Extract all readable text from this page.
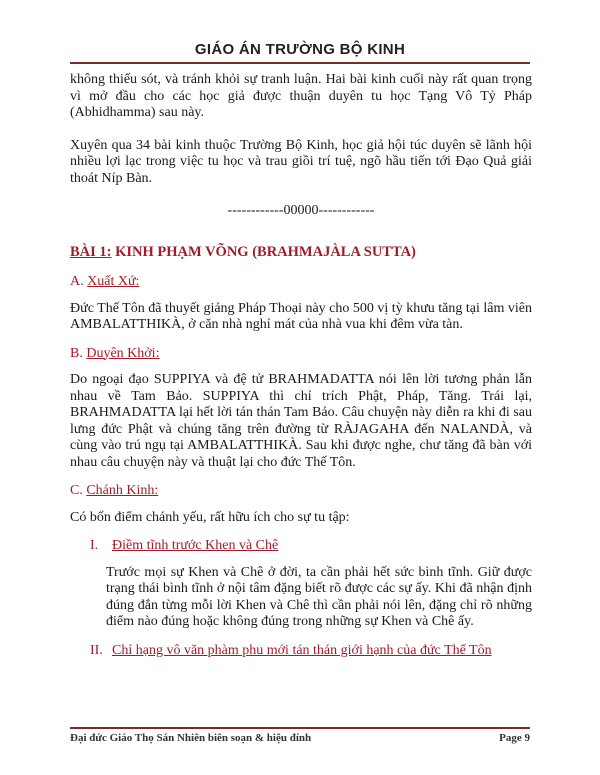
GIÁO ÁN TRƯỜNG BỘ KINH

không thiếu sót, và tránh khỏi sự tranh luận. Hai bài kinh cuối này rất quan trọng vì mở đầu cho các học giả được thuận duyên tu học Tạng Vô Tỷ Pháp (Abhidhamma) sau này.

Xuyên qua 34 bài kinh thuộc Trường Bộ Kinh, học giả hội túc duyên sẽ lãnh hội nhiều lợi lạc trong việc tu học và trau giồi trí tuệ, ngõ hầu tiến tới Đạo Quả giải thoát Níp Bàn.

------------00000------------
BÀI 1: KINH PHẠM VÕNG (BRAHMAJÀLA SUTTA)
A. Xuất Xứ:

Đức Thế Tôn đã thuyết giảng Pháp Thoại này cho 500 vị tỳ khưu tăng tại lâm viên AMBALATTHIKÀ, ở căn nhà nghỉ mát của nhà vua khi đêm vừa tàn.

B. Duyên Khởi:

Do ngoại đạo SUPPIYA và đệ tử BRAHMADATTA nói lên lời tương phản lẫn nhau về Tam Bảo. SUPPIYA thì chỉ trích Phật, Pháp, Tăng. Trái lại, BRAHMADATTA lại hết lời tán thán Tam Bảo. Câu chuyện này diễn ra khi đi sau lưng đức Phật và chúng tăng trên đường từ RÀJAGAHA đến NALANDÀ, và cùng vào trú ngụ tại AMBALATTHIKÀ. Sau khi được nghe, chư tăng đã bàn với nhau câu chuyện này và thuật lại cho đức Thế Tôn.

C. Chánh Kinh:

Có bốn điểm chánh yếu, rất hữu ích cho sự tu tập:

I. Điềm tĩnh trước Khen và Chê

Trước mọi sự Khen và Chê ở đời, ta cần phải hết sức bình tĩnh. Giữ được trạng thái bình tĩnh ở nội tâm đặng biết rõ được các sự ấy. Khi đã nhận định đúng đắn từng mỗi lời Khen và Chê thì cần phải nói lên, đặng chỉ rõ những điểm nào đúng hoặc không đúng trong những sự Khen và Chê ấy.

II. Chỉ hạng vô văn phàm phu mới tán thán giới hạnh của đức Thế Tôn
Đại đức Giáo Thọ Sán Nhiên biên soạn & hiệu đính	Page 9
